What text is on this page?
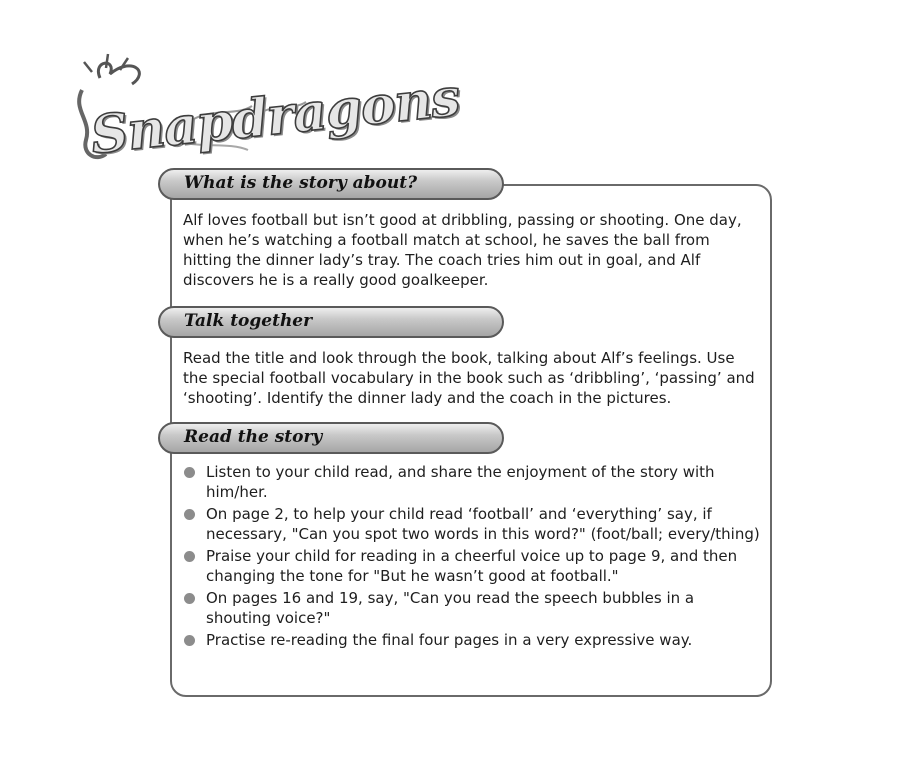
Snapdragons
What is the story about?

Alf loves football but isn’t good at dribbling, passing or shooting. One day, when he’s watching a football match at school, he saves the ball from hitting the dinner lady’s tray. The coach tries him out in goal, and Alf discovers he is a really good goalkeeper.

Talk together

Read the title and look through the book, talking about Alf’s feelings. Use the special football vocabulary in the book such as ‘dribbling’, ‘passing’ and ‘shooting’. Identify the dinner lady and the coach in the pictures.

Read the story
Listen to your child read, and share the enjoyment of the story with him/her.
On page 2, to help your child read ‘football’ and ‘everything’ say, if necessary, "Can you spot two words in this word?" (foot/ball; every/thing)
Praise your child for reading in a cheerful voice up to page 9, and then changing the tone for "But he wasn’t good at football."
On pages 16 and 19, say, "Can you read the speech bubbles in a shouting voice?"
Practise re-reading the final four pages in a very expressive way.
